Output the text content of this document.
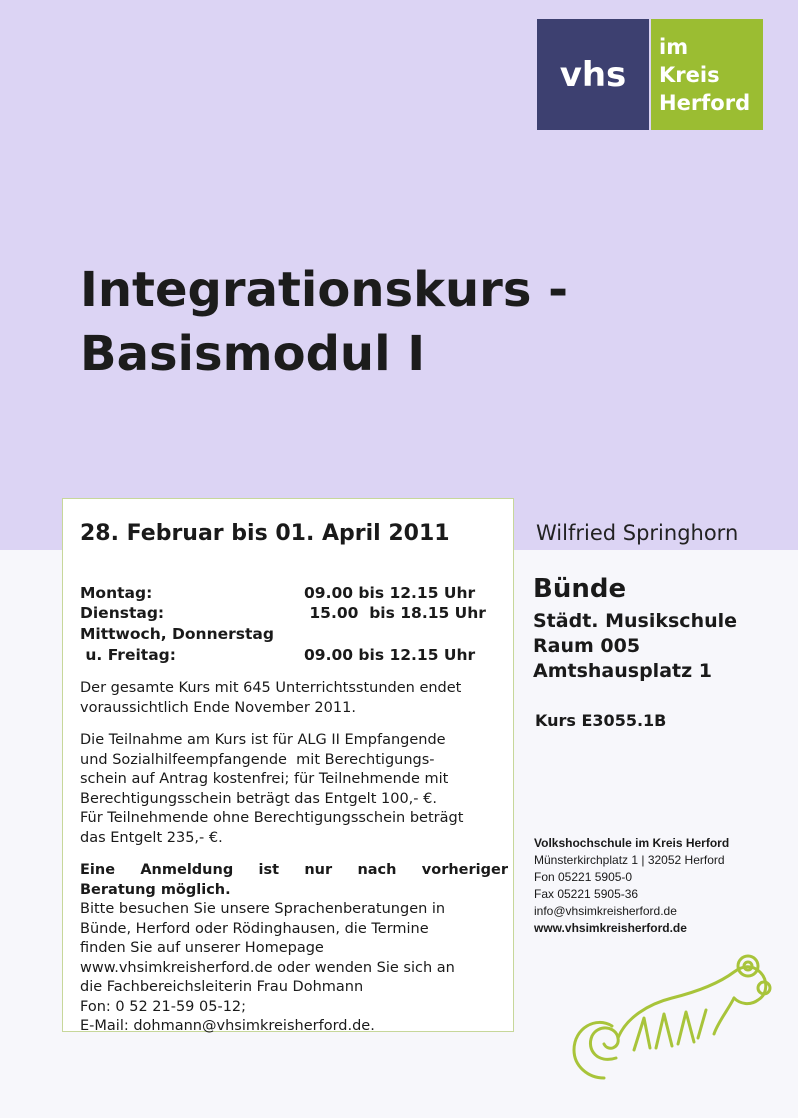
vhs
im
Kreis
Herford
Integrationskurs -
Basismodul I
28. Februar bis 01. April 2011
Montag:	09.00 bis 12.15 Uhr
Dienstag:	15.00  bis 18.15 Uhr
Mittwoch, Donnerstag
u. Freitag:	09.00 bis 12.15 Uhr
Der gesamte Kurs mit 645 Unterrichtsstunden endet
voraussichtlich Ende November 2011.
Die Teilnahme am Kurs ist für ALG II Empfangende
und Sozialhilfeempfangende  mit Berechtigungs-
schein auf Antrag kostenfrei; für Teilnehmende mit
Berechtigungsschein beträgt das Entgelt 100,- €.
Für Teilnehmende ohne Berechtigungsschein beträgt
das Entgelt 235,- €.
Eine Anmeldung ist nur nach vorheriger
Beratung möglich.
Bitte besuchen Sie unsere Sprachenberatungen in
Bünde, Herford oder Rödinghausen, die Termine
finden Sie auf unserer Homepage
www.vhsimkreisherford.de oder wenden Sie sich an
die Fachbereichsleiterin Frau Dohmann
Fon: 0 52 21-59 05-12;
E-Mail: dohmann@vhsimkreisherford.de.
Wilfried Springhorn
Bünde
Städt. Musikschule
Raum 005
Amtshausplatz 1
Kurs E3055.1B
Volkshochschule im Kreis Herford
Münsterkirchplatz 1 | 32052 Herford
Fon 05221 5905-0
Fax 05221 5905-36
info@vhsimkreisherford.de
www.vhsimkreisherford.de
